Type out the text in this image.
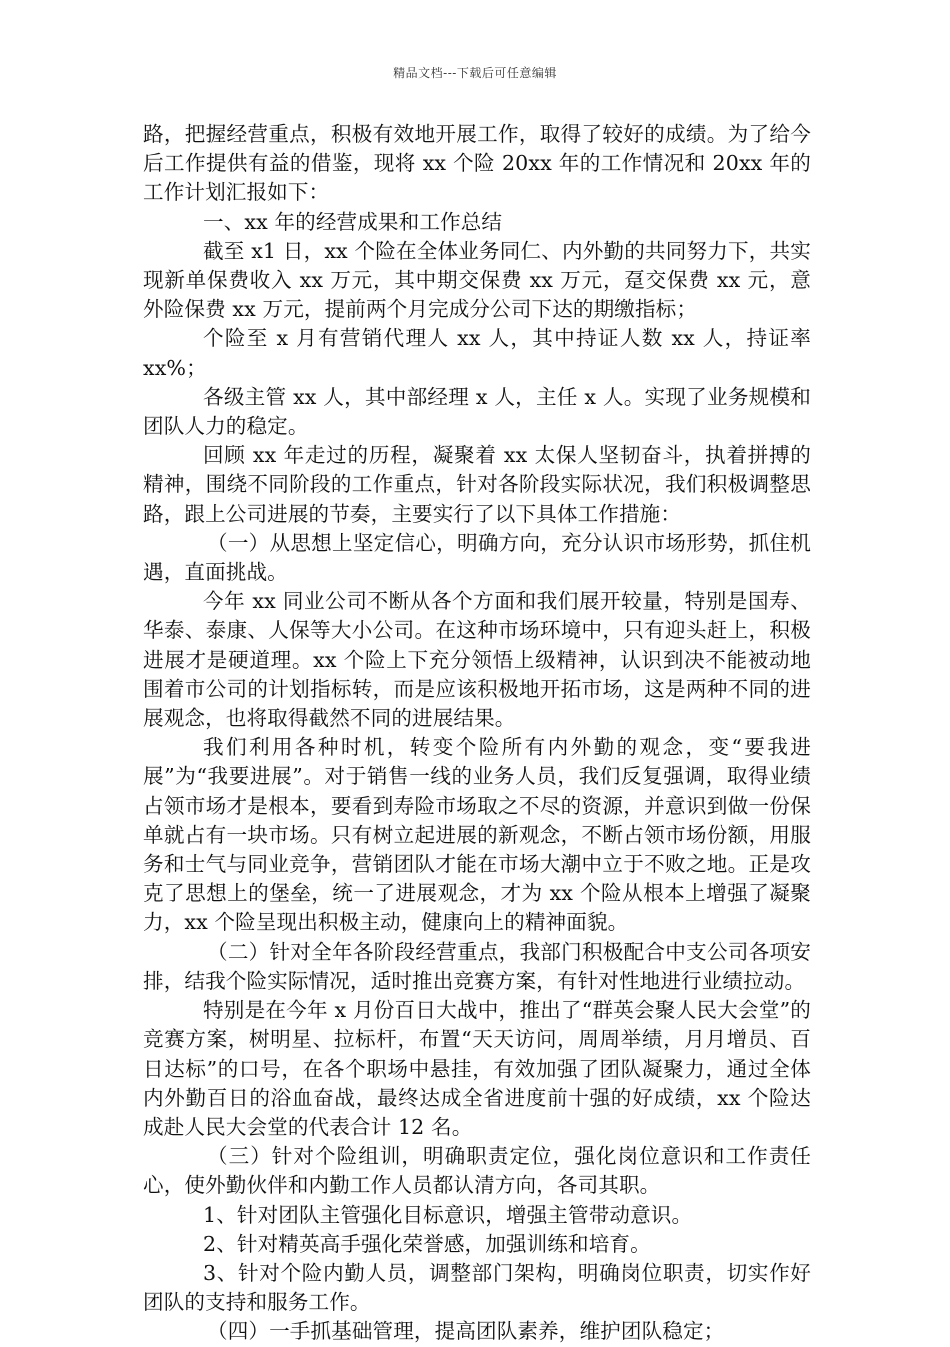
精品文档---下载后可任意编辑

路，把握经营重点，积极有效地开展工作，取得了较好的成绩。为了给今后工作提供有益的借鉴，现将 xx 个险 20xx 年的工作情况和 20xx 年的工作计划汇报如下：

一、xx 年的经营成果和工作总结

截至 x1 日，xx 个险在全体业务同仁、内外勤的共同努力下，共实现新单保费收入 xx 万元，其中期交保费 xx 万元，趸交保费 xx 元，意外险保费 xx 万元，提前两个月完成分公司下达的期缴指标；

个险至 x 月有营销代理人 xx 人，其中持证人数 xx 人，持证率 xx%；

各级主管 xx 人，其中部经理 x 人，主任 x 人。实现了业务规模和团队人力的稳定。

回顾 xx 年走过的历程，凝聚着 xx 太保人坚韧奋斗，执着拼搏的精神，围绕不同阶段的工作重点，针对各阶段实际状况，我们积极调整思路，跟上公司进展的节奏，主要实行了以下具体工作措施：

（一）从思想上坚定信心，明确方向，充分认识市场形势，抓住机遇，直面挑战。

今年 xx 同业公司不断从各个方面和我们展开较量，特别是国寿、华泰、泰康、人保等大小公司。在这种市场环境中，只有迎头赶上，积极进展才是硬道理。xx 个险上下充分领悟上级精神，认识到决不能被动地围着市公司的计划指标转，而是应该积极地开拓市场，这是两种不同的进展观念，也将取得截然不同的进展结果。

我们利用各种时机，转变个险所有内外勤的观念，变“要我进展”为“我要进展”。对于销售一线的业务人员，我们反复强调，取得业绩占领市场才是根本，要看到寿险市场取之不尽的资源，并意识到做一份保单就占有一块市场。只有树立起进展的新观念，不断占领市场份额，用服务和士气与同业竞争，营销团队才能在市场大潮中立于不败之地。正是攻克了思想上的堡垒，统一了进展观念，才为 xx 个险从根本上增强了凝聚力，xx 个险呈现出积极主动，健康向上的精神面貌。

（二）针对全年各阶段经营重点，我部门积极配合中支公司各项安排，结我个险实际情况，适时推出竞赛方案，有针对性地进行业绩拉动。

特别是在今年 x 月份百日大战中，推出了“群英会聚人民大会堂”的竞赛方案，树明星、拉标杆，布置“天天访问，周周举绩，月月增员、百日达标”的口号，在各个职场中悬挂，有效加强了团队凝聚力，通过全体内外勤百日的浴血奋战，最终达成全省进度前十强的好成绩，xx 个险达成赴人民大会堂的代表合计 12 名。

（三）针对个险组训，明确职责定位，强化岗位意识和工作责任心，使外勤伙伴和内勤工作人员都认清方向，各司其职。

1、针对团队主管强化目标意识，增强主管带动意识。

2、针对精英高手强化荣誉感，加强训练和培育。

3、针对个险内勤人员，调整部门架构，明确岗位职责，切实作好团队的支持和服务工作。

（四）一手抓基础管理，提高团队素养，维护团队稳定；
